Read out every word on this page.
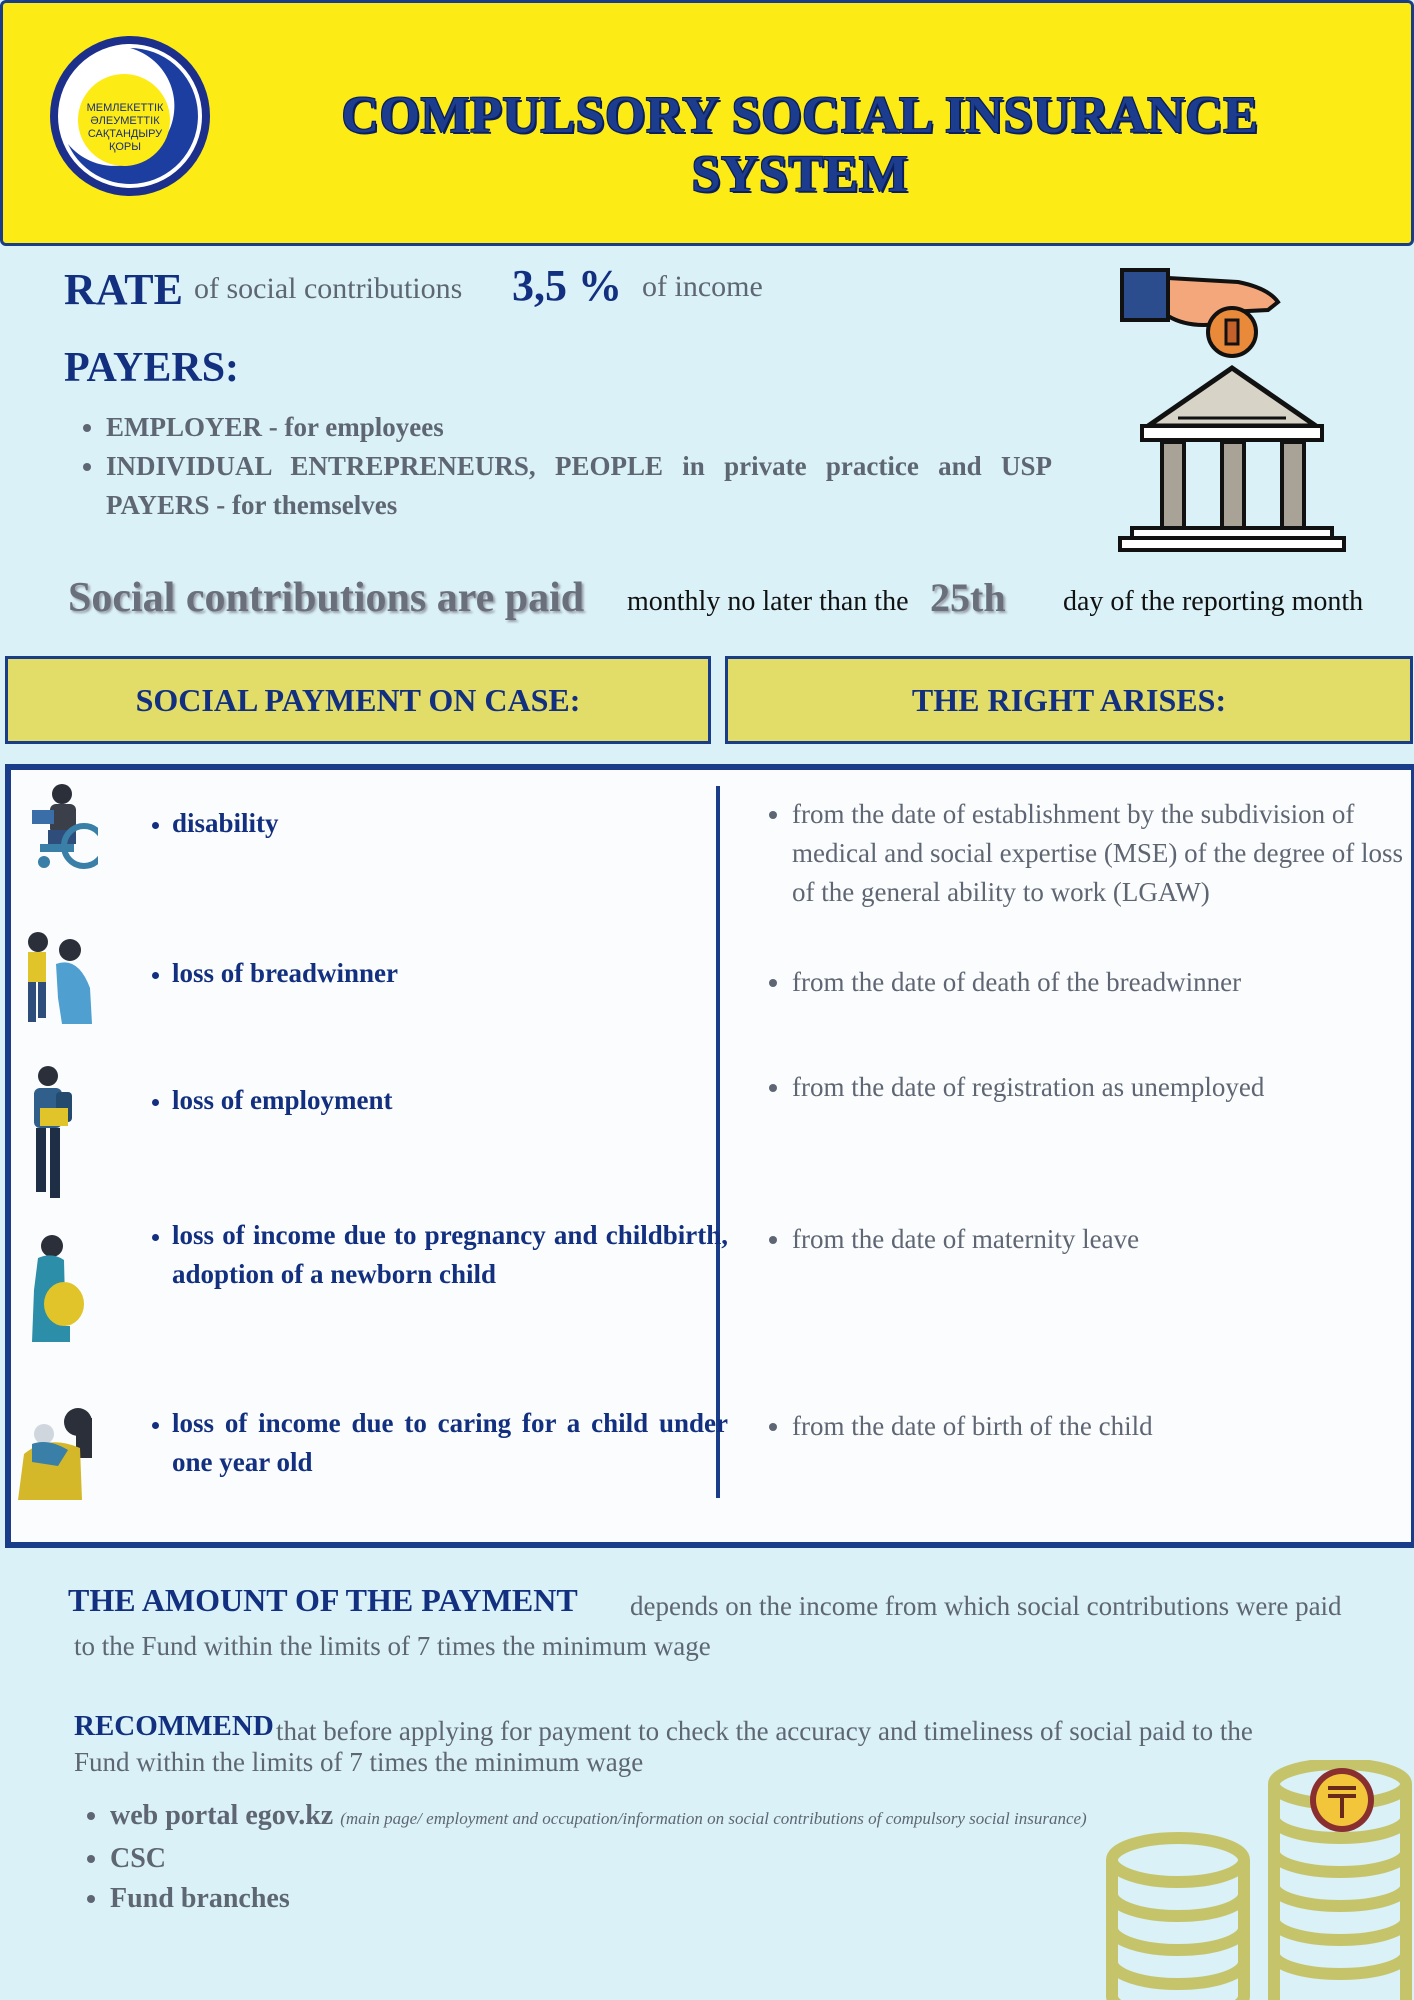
МЕМЛЕКЕТТІК
ӘЛЕУМЕТТІК
САҚТАНДЫРУ
ҚОРЫ
COMPULSORY SOCIAL INSURANCE SYSTEM
RATE of social contributions 3,5 % of income
PAYERS:
• EMPLOYER - for employees
• INDIVIDUAL ENTREPRENEURS, PEOPLE in private practice and USP PAYERS - for themselves
Social contributions are paid monthly no later than the 25th day of the reporting month
SOCIAL PAYMENT ON CASE:	THE RIGHT ARISES:
• disability
• loss of breadwinner
• loss of employment
• loss of income due to pregnancy and childbirth, adoption of a newborn child
• loss of income due to caring for a child under one year old
• from the date of establishment by the subdivision of medical and social expertise (MSE) of the degree of loss of the general ability to work (LGAW)
• from the date of death of the breadwinner
• from the date of registration as unemployed
• from the date of maternity leave
• from the date of birth of the child
depends on the income from which social contributions were paid to the Fund within the limits of 7 times the minimum wage
THE AMOUNT OF THE PAYMENT
that before applying for payment to check the accuracy and timeliness of social paid to the Fund within the limits of 7 times the minimum wage
RECOMMEND
• web portal egov.kz (main page/ employment and occupation/information on social contributions of compulsory social insurance)
• CSC
• Fund branches
